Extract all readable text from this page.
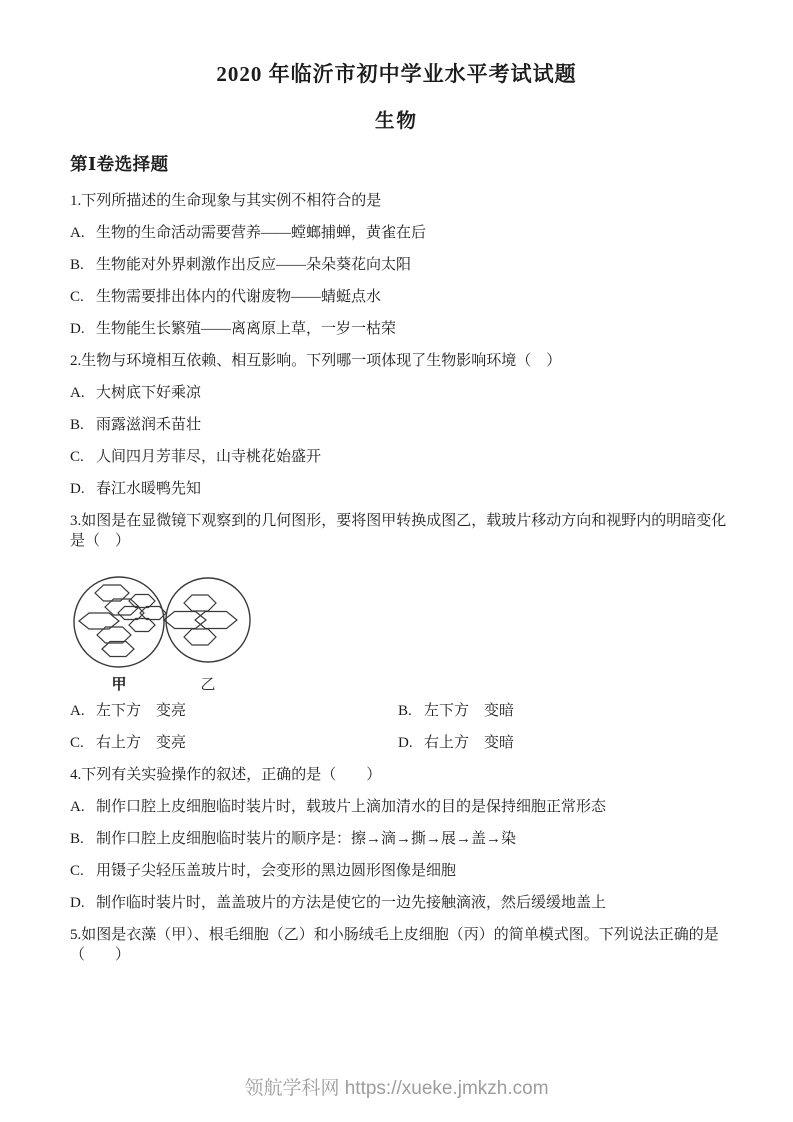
2020 年临沂市初中学业水平考试试题
生物
第Ⅰ卷选择题
1.下列所描述的生命现象与其实例不相符合的是
A. 生物的生命活动需要营养——螳螂捕蝉，黄雀在后
B. 生物能对外界刺激作出反应——朵朵葵花向太阳
C. 生物需要排出体内的代谢废物——蜻蜓点水
D. 生物能生长繁殖——离离原上草，一岁一枯荣
2.生物与环境相互依赖、相互影响。下列哪一项体现了生物影响环境（　）
A. 大树底下好乘凉
B. 雨露滋润禾苗壮
C. 人间四月芳菲尽，山寺桃花始盛开
D. 春江水暖鸭先知
3.如图是在显微镜下观察到的几何图形，要将图甲转换成图乙，载玻片移动方向和视野内的明暗变化是（　）
甲	乙
A. 左下方　变亮	B. 左下方　变暗
C. 右上方　变亮	D. 右上方　变暗
4.下列有关实验操作的叙述，正确的是（　　）
A. 制作口腔上皮细胞临时装片时，载玻片上滴加清水的目的是保持细胞正常形态
B. 制作口腔上皮细胞临时装片的顺序是：擦→滴→撕→展→盖→染
C. 用镊子尖轻压盖玻片时，会变形的黑边圆形图像是细胞
D. 制作临时装片时，盖盖玻片的方法是使它的一边先接触滴液，然后缓缓地盖上
5.如图是衣藻（甲）、根毛细胞（乙）和小肠绒毛上皮细胞（丙）的简单模式图。下列说法正确的是（　　）
领航学科网 https://xueke.jmkzh.com
